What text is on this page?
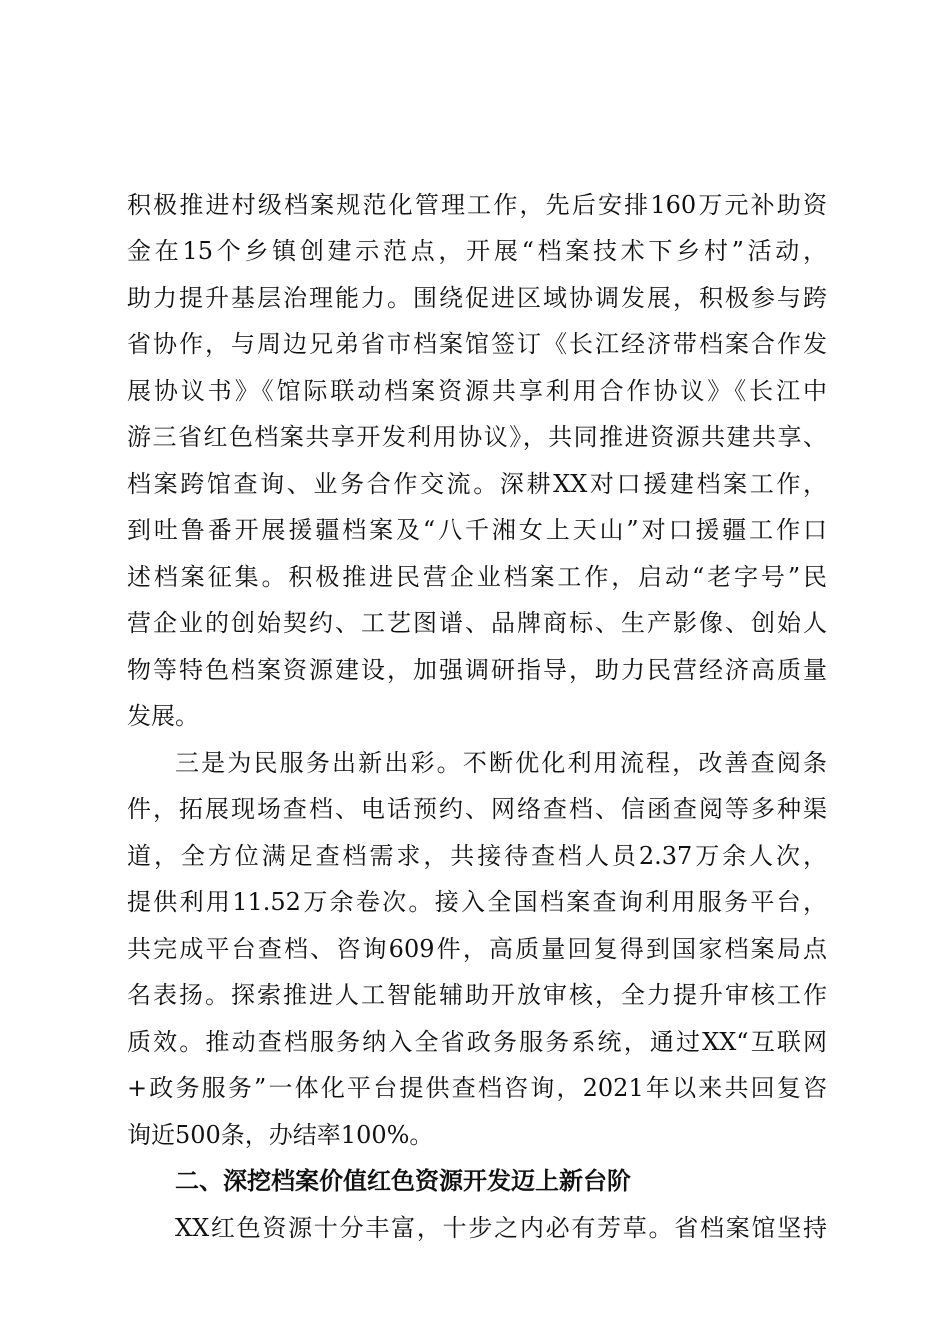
积极推进村级档案规范化管理工作，先后安排160万元补助资
金在15个乡镇创建示范点，开展“档案技术下乡村”活动，
助力提升基层治理能力。围绕促进区域协调发展，积极参与跨
省协作，与周边兄弟省市档案馆签订《长江经济带档案合作发
展协议书》《馆际联动档案资源共享利用合作协议》《长江中
游三省红色档案共享开发利用协议》，共同推进资源共建共享、
档案跨馆查询、业务合作交流。深耕XX对口援建档案工作，
到吐鲁番开展援疆档案及“八千湘女上天山”对口援疆工作口
述档案征集。积极推进民营企业档案工作，启动“老字号”民
营企业的创始契约、工艺图谱、品牌商标、生产影像、创始人
物等特色档案资源建设，加强调研指导，助力民营经济高质量
发展。
三是为民服务出新出彩。不断优化利用流程，改善查阅条
件，拓展现场查档、电话预约、网络查档、信函查阅等多种渠
道，全方位满足查档需求，共接待查档人员2.37万余人次，
提供利用11.52万余卷次。接入全国档案查询利用服务平台，
共完成平台查档、咨询609件，高质量回复得到国家档案局点
名表扬。探索推进人工智能辅助开放审核，全力提升审核工作
质效。推动查档服务纳入全省政务服务系统，通过XX“互联网
+政务服务”一体化平台提供查档咨询，2021年以来共回复咨
询近500条，办结率100%。
二、深挖档案价值红色资源开发迈上新台阶
XX红色资源十分丰富，十步之内必有芳草。省档案馆坚持
